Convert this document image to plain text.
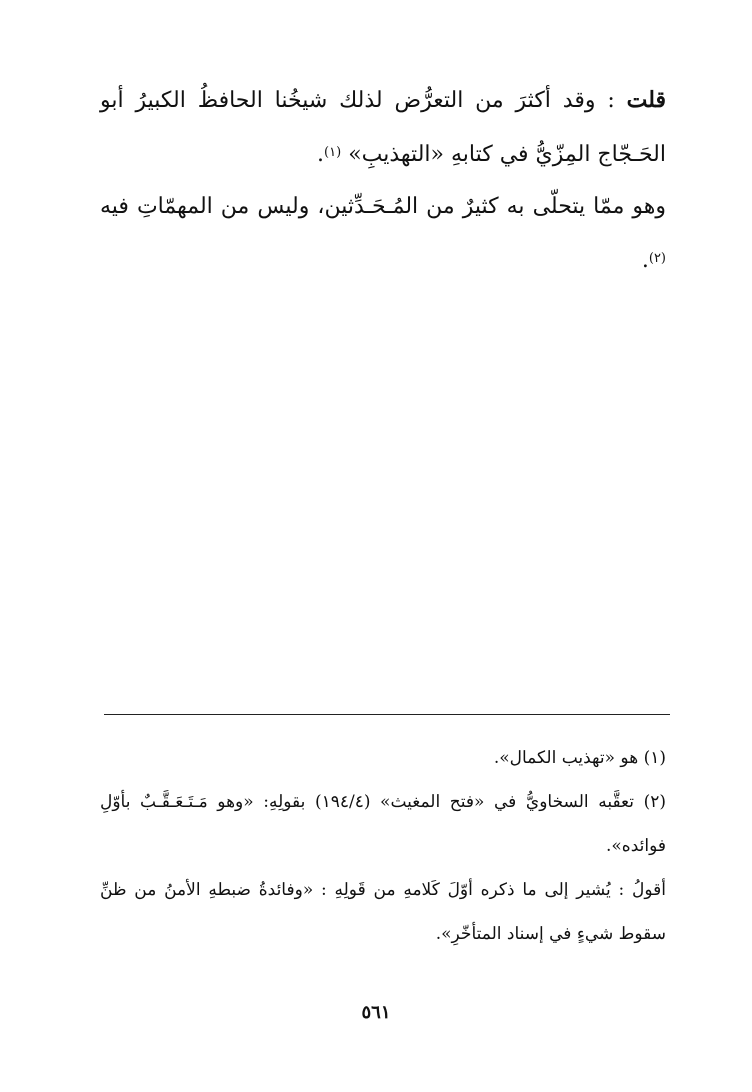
قلت : وقد أكثرَ من التعرُّض لذلك شيخُنا الحافظُ الكبيرُ أبو الحَـجّاج المِزّيُّ في كتابهِ «التهذيبِ» $^{(١)}$.

وهو ممّا يتحلّى به كثيرٌ من المُـحَـدِّثين، وليس من المهمّاتِ فيه $^{(٢)}$.

(١) هو «تهذيب الكمال».

(٢) تعقَّبه السخاويُّ في «فتح المغيث» (١٩٤/٤) بقولِهِ: «وهو مَـتَـعَـقَّـبٌ بأوّلِ فوائده».

أقولُ : يُشير إلى ما ذكره أوّلَ كَلامهِ من قَولِهِ : «وفائدةُ ضبطهِ الأمنُ من ظنِّ سقوط شيءٍ في إسناد المتأخّرِ».

٥٦١
